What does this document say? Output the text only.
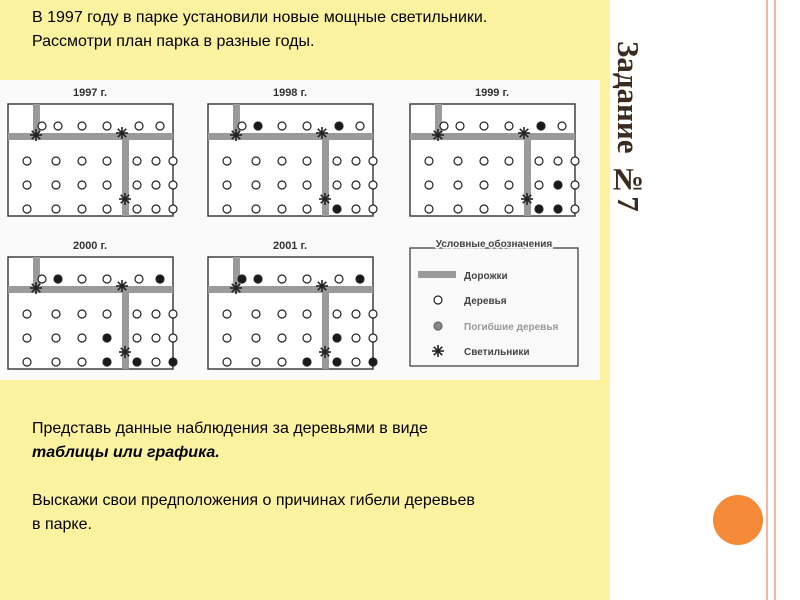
Задание №7
В 1997 году в парке установили новые мощные светильники.
Рассмотри план парка в разные годы.
1997 г.	1998 г.	1999 г.
2000 г.	2001 г.	Условные обозначения
Дорожки
Деревья
Погибшие деревья
Светильники
Представь данные наблюдения за деревьями в виде
таблицы или графика.
Выскажи свои предположения о причинах гибели деревьев
в парке.
